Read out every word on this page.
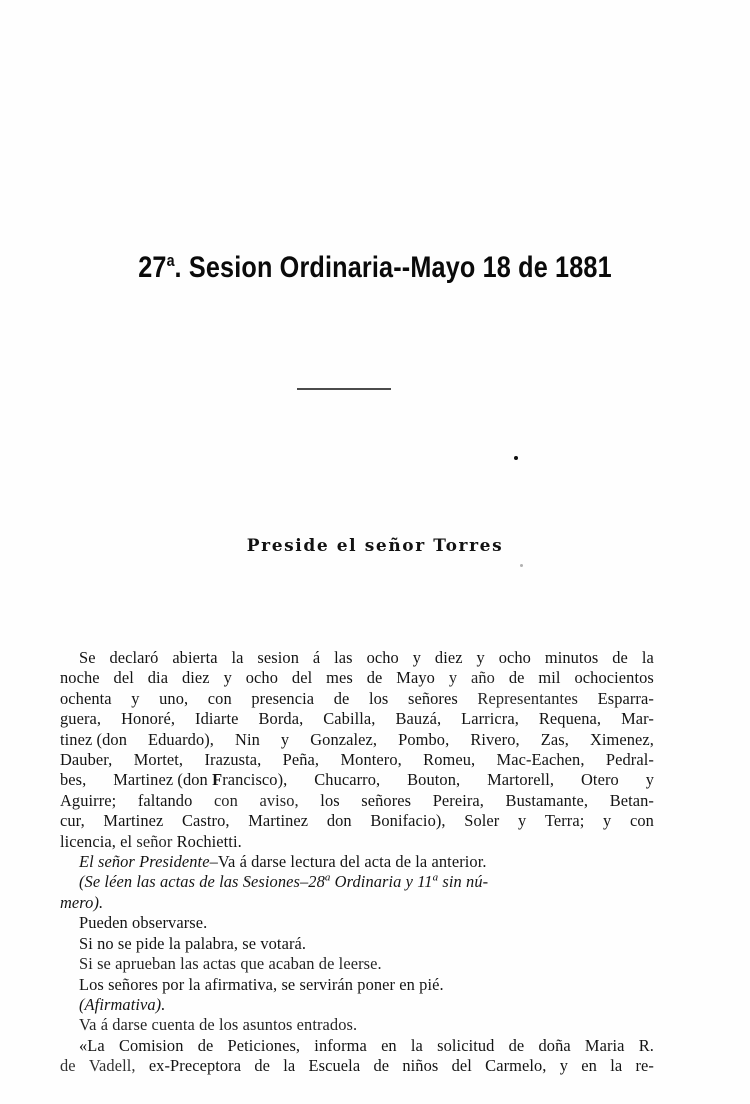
27$^a$. Sesion Ordinaria--Mayo 18 de 1881
Preside el señor Torres
Se declaró abierta la sesion á las ocho y diez y ocho minutos de la
noche del dia diez y ocho del mes de Mayo y año de mil ochocientos
ochenta y uno, con presencia de los señores Representantes Esparra-
guera, Honoré, Idiarte Borda, Cabilla, Bauzá, Larricra, Requena, Mar-
tinez (don Eduardo), Nin y Gonzalez, Pombo, Rivero, Zas, Ximenez,
Dauber, Mortet, Irazusta, Peña, Montero, Romeu, Mac-Eachen, Pedral-
bes, Martinez (don Francisco), Chucarro, Bouton, Martorell, Otero y
Aguirre; faltando con aviso, los señores Pereira, Bustamante, Betan-
cur, Martinez Castro, Martinez don Bonifacio), Soler y Terra; y con
licencia, el señor Rochietti.
El señor Presidente–Va á darse lectura del acta de la anterior.
(Se léen las actas de las Sesiones–28$^a$ Ordinaria y 11$^a$ sin nú-
mero).
Pueden observarse.
Si no se pide la palabra, se votará.
Si se aprueban las actas que acaban de leerse.
Los señores por la afirmativa, se servirán poner en pié.
(Afirmativa).
Va á darse cuenta de los asuntos entrados.
«La Comision de Peticiones, informa en la solicitud de doña Maria R.
de Vadell, ex-Preceptora de la Escuela de niños del Carmelo, y en la re-
